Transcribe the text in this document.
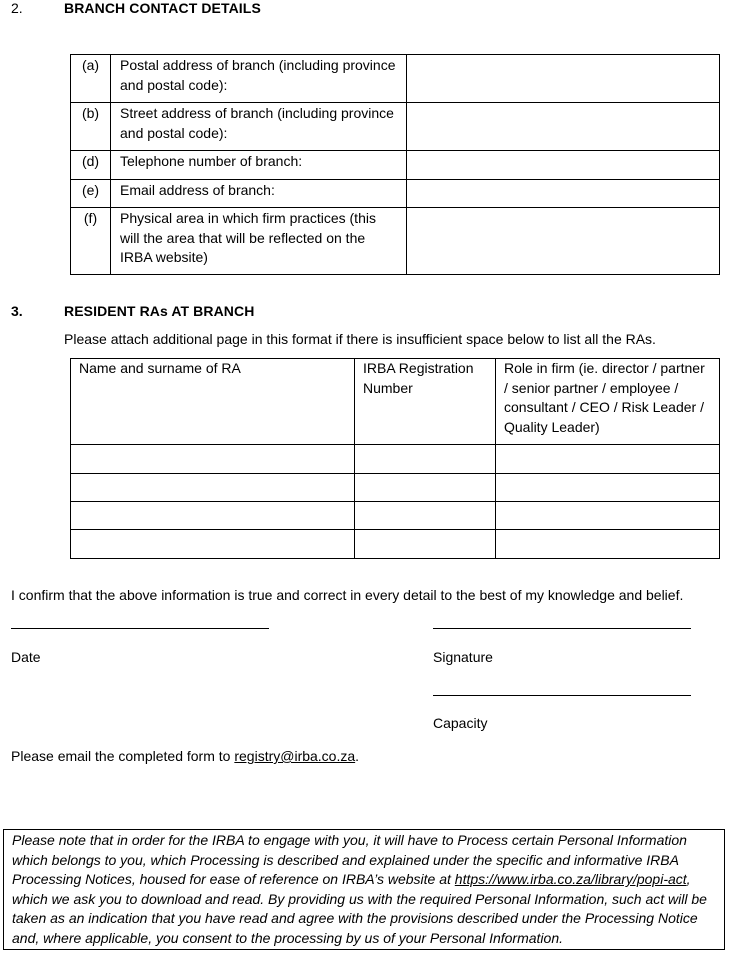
2.	BRANCH CONTACT DETAILS
(a)	Postal address of branch (including province and postal code):	
(b)	Street address of branch (including province and postal code):	
(d)	Telephone number of branch:	
(e)	Email address of branch:	
(f)	Physical area in which firm practices (this will the area that will be reflected on the IRBA website)	
3.	RESIDENT RAs AT BRANCH
Please attach additional page in this format if there is insufficient space below to list all the RAs.
Name and surname of RA	IRBA Registration Number	Role in firm (ie. director / partner / senior partner / employee / consultant / CEO / Risk Leader / Quality Leader)

I confirm that the above information is true and correct in every detail to the best of my knowledge and belief.
Date	Signature
Capacity
Please email the completed form to registry@irba.co.za.
Please note that in order for the IRBA to engage with you, it will have to Process certain Personal Information which belongs to you, which Processing is described and explained under the specific and informative IRBA Processing Notices, housed for ease of reference on IRBA’s website at https://www.irba.co.za/library/popi-act, which we ask you to download and read. By providing us with the required Personal Information, such act will be taken as an indication that you have read and agree with the provisions described under the Processing Notice and, where applicable, you consent to the processing by us of your Personal Information.
